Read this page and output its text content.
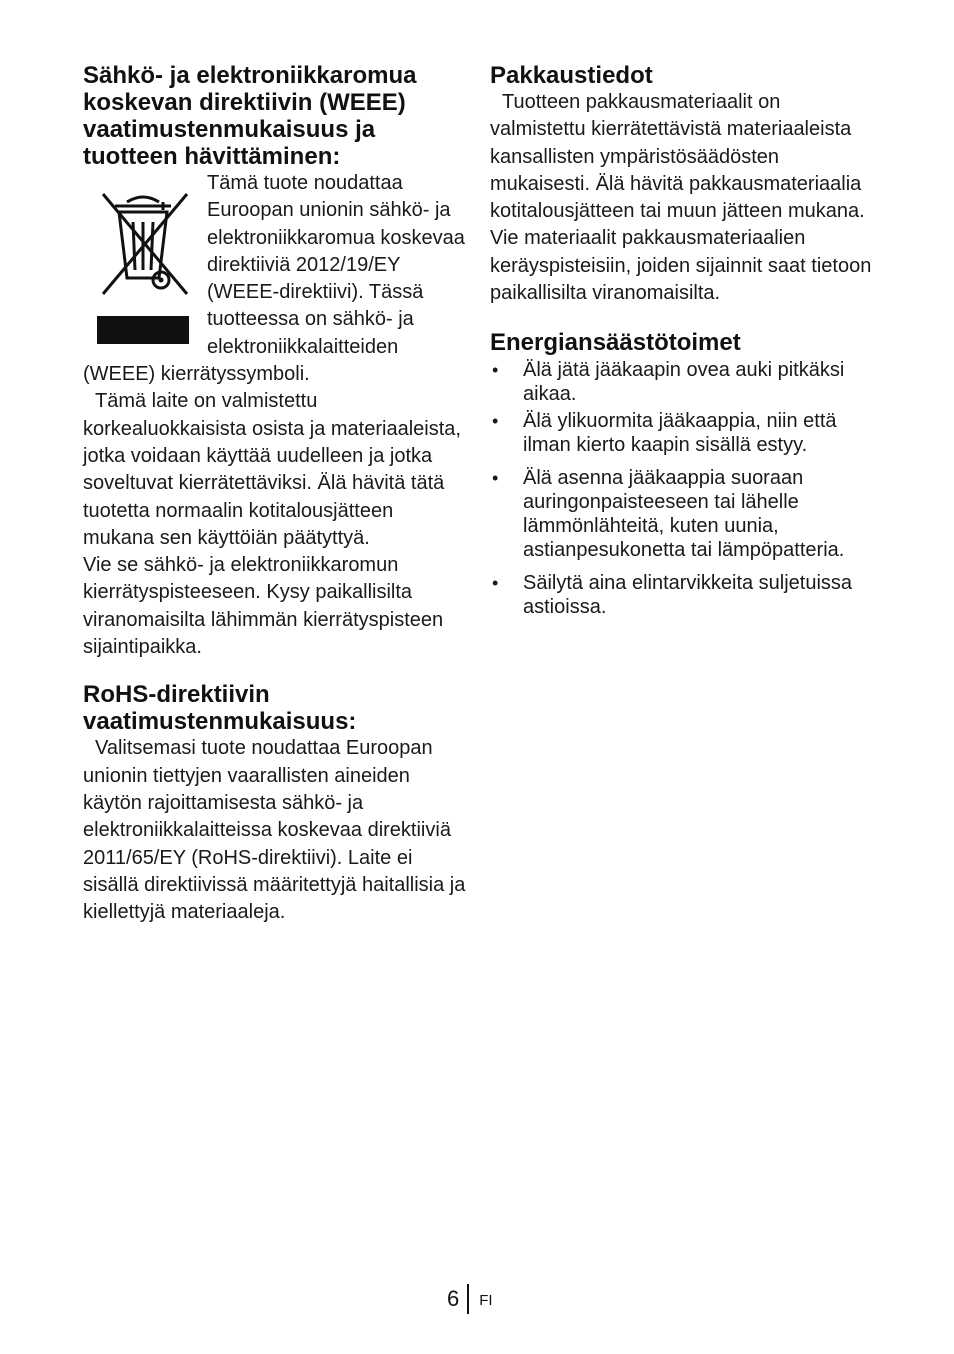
Sähkö- ja elektroniikkaromua koskevan direktiivin (WEEE) vaatimustenmukaisuus ja tuotteen hävittäminen:

Tämä tuote noudattaa Euroopan unionin sähkö- ja elektroniikkaromua koskevaa direktiiviä 2012/19/EY (WEEE-direktiivi). Tässä tuotteessa on sähkö- ja elektroniikkalaitteiden (WEEE) kierrätyssymboli.

Tämä laite on valmistettu korkealuokkaisista osista ja materiaaleista, jotka voidaan käyttää uudelleen ja jotka soveltuvat kierrätettäviksi. Älä hävitä tätä tuotetta normaalin kotitalousjätteen mukana sen käyttöiän päätyttyä.

Vie se sähkö- ja elektroniikkaromun kierrätyspisteeseen. Kysy paikallisilta viranomaisilta lähimmän kierrätyspisteen sijaintipaikka.

RoHS-direktiivin vaatimustenmukaisuus:

Valitsemasi tuote noudattaa Euroopan unionin tiettyjen vaarallisten aineiden käytön rajoittamisesta sähkö- ja elektroniikkalaitteissa koskevaa direktiiviä 2011/65/EY (RoHS-direktiivi). Laite ei sisällä direktiivissä määritettyjä haitallisia ja kiellettyjä materiaaleja.

Pakkaustiedot

Tuotteen pakkausmateriaalit on valmistettu kierrätettävistä materiaaleista kansallisten ympäristösäädösten mukaisesti. Älä hävitä pakkausmateriaalia kotitalousjätteen tai muun jätteen mukana. Vie materiaalit pakkausmateriaalien keräyspisteisiin, joiden sijainnit saat tietoon paikallisilta viranomaisilta.

Energiansäästötoimet
• Älä jätä jääkaapin ovea auki pitkäksi aikaa.
• Älä ylikuormita jääkaappia, niin että ilman kierto kaapin sisällä estyy.
• Älä asenna jääkaappia suoraan auringonpaisteeseen tai lähelle lämmönlähteitä, kuten uunia, astianpesukonetta tai lämpöpatteria.
• Säilytä aina elintarvikkeita suljetuissa astioissa.
6 FI
